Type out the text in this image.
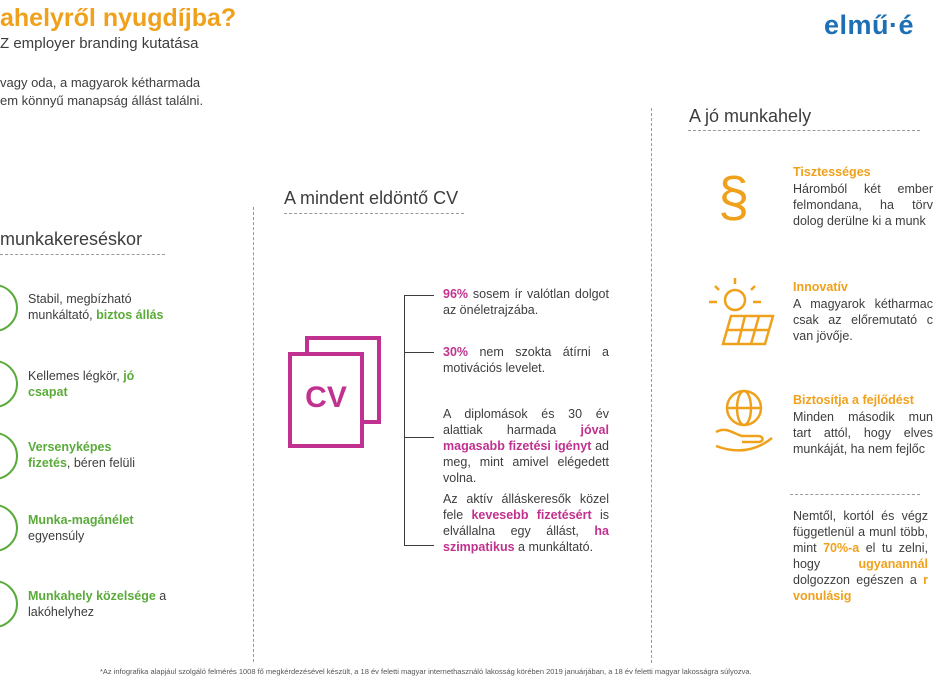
ahelyről nyugdíjba?
Z employer branding kutatása
elmű·é
vagy oda, a magyarok kétharmada
em könnyű manapság állást találni.
munkakereséskor
Stabil, megbízható munkáltató, biztos állás
Kellemes légkör, jó csapat
Versenyképes fizetés, béren felüli
Munka-magánélet egyensúly
Munkahely közelsége a lakóhelyhez
A mindent eldöntő CV
CV
96% sosem ír valótlan dolgot az önéletrajzába.
30% nem szokta átírni a motivációs levelet.
A diplomások és 30 év alattiak harmada jóval magasabb fizetési igényt ad meg, mint amivel elégedett volna.
Az aktív álláskeresők közel fele kevesebb fizetésért is elvállalna egy állást, ha szimpatikus a munkáltató.
A jó munkahely
§	Tisztességes
Háromból két ember felmondana, ha törv dolog derülne ki a munk
Innovatív
A magyarok kétharmac csak az előremutató c van jövője.
Biztosítja a fejlődést
Minden második mun tart attól, hogy elves munkáját, ha nem fejlőc
Nemtől, kortól és végz függetlenül a munl több, mint 70%-a el tu zelni, hogy ugyanannál dolgozzon egészen a r vonulásig
*Az infografika alapjául szolgáló felmérés 1008 fő megkérdezésével készült, a 18 év feletti magyar internethasználó lakosság körében 2019 januárjában, a 18 év feletti magyar lakosságra súlyozva.
